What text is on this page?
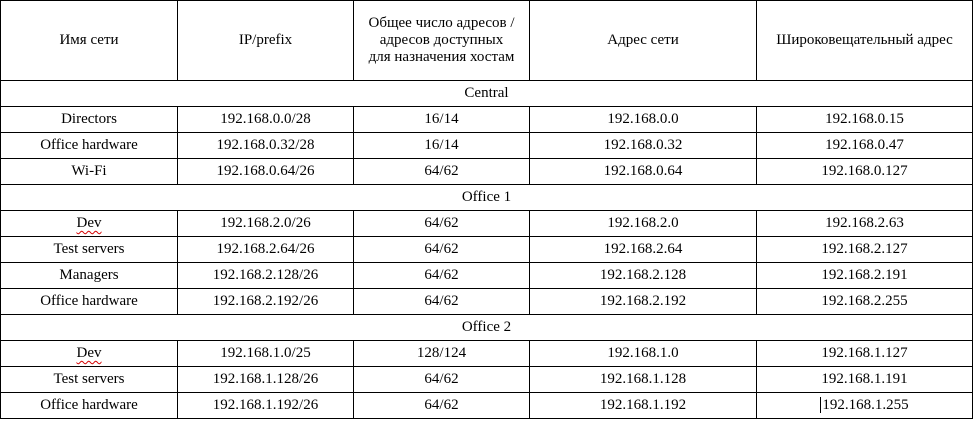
Имя сети	IP/prefix	Общее число адресов /адресов доступных для назначения хостам	Адрес сети	Широковещательный адрес
Central				
Directors	192.168.0.0/28	16/14	192.168.0.0	192.168.0.15
Office hardware	192.168.0.32/28	16/14	192.168.0.32	192.168.0.47
Wi-Fi	192.168.0.64/26	64/62	192.168.0.64	192.168.0.127
Office 1				
Dev	192.168.2.0/26	64/62	192.168.2.0	192.168.2.63
Test servers	192.168.2.64/26	64/62	192.168.2.64	192.168.2.127
Managers	192.168.2.128/26	64/62	192.168.2.128	192.168.2.191
Office hardware	192.168.2.192/26	64/62	192.168.2.192	192.168.2.255
Office 2				
Dev	192.168.1.0/25	128/124	192.168.1.0	192.168.1.127
Test servers	192.168.1.128/26	64/62	192.168.1.128	192.168.1.191
Office hardware	192.168.1.192/26	64/62	192.168.1.192	192.168.1.255
